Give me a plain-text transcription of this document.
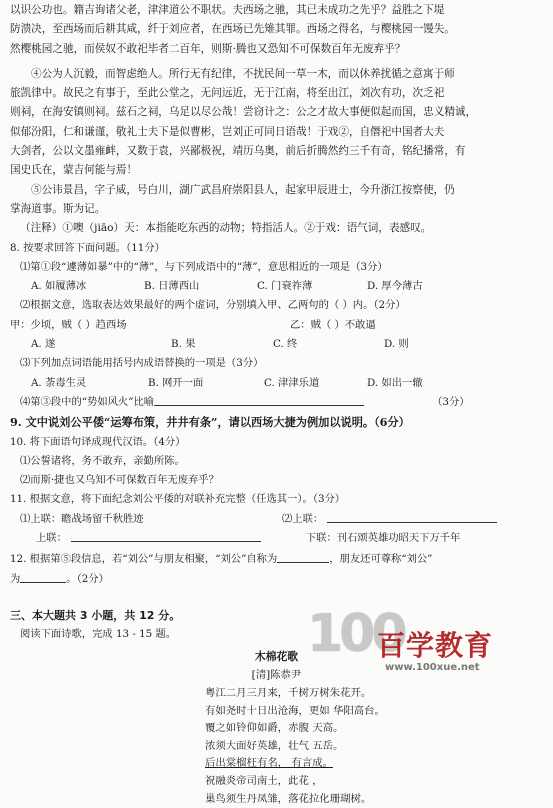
以识公功也。籍吉询诸父老，津津道公不职状。夫西场之驰，其已未成功之先乎？益胜之下堤
防溃决，至西场而后耕其咸，纤于刘应者，在西场已先雉其罪。西场之得名，与樱桃园一馒失。
然樱桃园之驰，而侯奴不敢祀毕者二百年，则斯·腾也又恐知不可保数百年无废弃乎？
④公为人沉毅，而智虑绝人。所行无有纪律，不扰民间一草一木，而以休养扰循之意寓于师
旅凯律中。故民之有事于，至此公堂之，无问远近，无于江南，将至出江，刘次有功，次乏祀
则祠，在海安镇则祠。兹石之祠，乌足以尽公哉！尝窃计之：公之才故大事便似起而国，忠义精诚，
似郁汾阳，仁和谦谨，敬礼士夫下是似曹彬，岂刘正可同日语哉！于戏②，自僭祀中国者大夫
大剑者，公以文墨雍衅，又数于袁，兴鄙极祝，靖历乌奥，前后折腾然约三千有奇，铭纪播常，有
国史氏在，蒙吉何能与焉！
⑤公讳景昌，字子威，号白川，湖广武昌府崇阳县人，起家甲辰进士，今升浙江按察使，仍
掌海道事。斯为记。
（注释）①噢（jiāo）天：本指能吃东西的动物；特指活人。②于戏：语气词，表感叹。
8. 按要求回答下面问题。（11分）
⑴第①段“遽薄如暴”中的“薄”，与下列成语中的“薄”，意思相近的一项是（3分）
A. 如履薄冰	B. 日薄西山	C. 门衰祚薄	D. 厚今薄古
⑵根据文意，选取表达效果最好的两个虚词，分别填入甲、乙两句的（ ）内。（2分）
甲：少顷，贼（ ）趋西场	乙：贼（ ）不敢逼
A. 遂	B. 果	C. 终	D. 则
⑶下列加点词语能用括号内成语替换的一项是（3分）
A. 荼毒生灵	B. 网开一面	C. 津津乐道	D. 如出一辙
⑷第③段中的“势如风火”比喻	（3分）
9. 文中说刘公平倭“运筹布策，井井有条”，请以西场大捷为例加以说明。（6分）
10. 将下面语句译成现代汉语。（4分）
⑴公誓诸将，务不敢弃，亲勤所陈。
⑵而斯·捷也又乌知不可保数百年无废弃乎？
11. 根据文意，将下面纪念刘公平倭的对联补充完整（任选其一）。（3分）
⑴上联：瞻战场留千秋胜迹	⑵上联：
上联：	下联：刊石颂英雄功昭天下万千年
12. 根据第⑤段信息，若“刘公”与朋友相聚，“刘公”自称为	，朋友还可尊称“刘公”
为	。（2分）
三、本大题共 3 小题，共 12 分。
阅读下面诗歌，完成 13 - 15 题。
木棉花歌
[清]陈恭尹
粤江二月三月来，千树万树朱花开。
有如尧时十日出沧海，更如 华阳高台。
覆之如铃仰如爵，赤腹 天高。
浓须大面好英雄，壮气 五岳。
后出棠榴枉有名， 有言成。
祝融炎帝司南土，此花 ，
巢鸟须生丹凤雏，落花拉化珊瑚树。
100
百学教育
www.100xue.net
